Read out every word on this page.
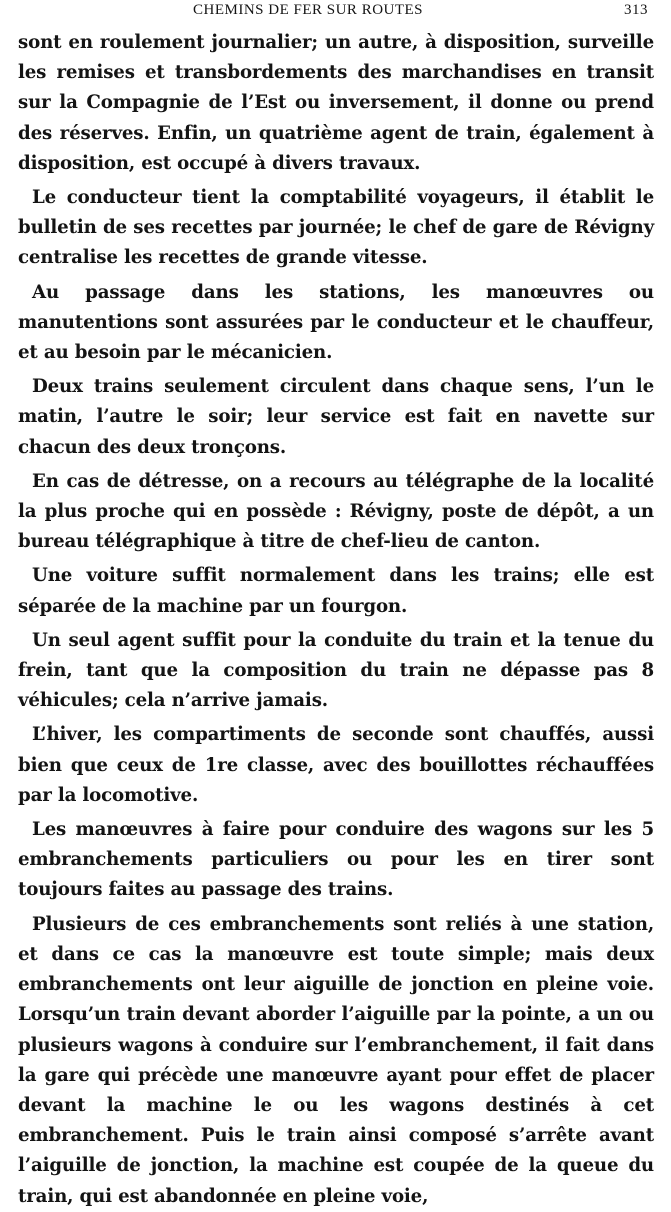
CHEMINS DE FER SUR ROUTES	313

sont en roulement journalier; un autre, à disposition, surveille les remises et transbordements des marchandises en transit sur la Compagnie de l’Est ou inversement, il donne ou prend des réserves. Enfin, un quatrième agent de train, également à disposition, est occupé à divers travaux.

Le conducteur tient la comptabilité voyageurs, il établit le bulletin de ses recettes par journée; le chef de gare de Révigny centralise les recettes de grande vitesse.

Au passage dans les stations, les manœuvres ou manutentions sont assurées par le conducteur et le chauffeur, et au besoin par le mécanicien.

Deux trains seulement circulent dans chaque sens, l’un le matin, l’autre le soir; leur service est fait en navette sur chacun des deux tronçons.

En cas de détresse, on a recours au télégraphe de la localité la plus proche qui en possède : Révigny, poste de dépôt, a un bureau télégraphique à titre de chef-lieu de canton.

Une voiture suffit normalement dans les trains; elle est séparée de la machine par un fourgon.

Un seul agent suffit pour la conduite du train et la tenue du frein, tant que la composition du train ne dépasse pas 8 véhicules; cela n’arrive jamais.

L’hiver, les compartiments de seconde sont chauffés, aussi bien que ceux de 1re classe, avec des bouillottes réchauffées par la locomotive.

Les manœuvres à faire pour conduire des wagons sur les 5 embranchements particuliers ou pour les en tirer sont toujours faites au passage des trains.

Plusieurs de ces embranchements sont reliés à une station, et dans ce cas la manœuvre est toute simple; mais deux embranchements ont leur aiguille de jonction en pleine voie. Lorsqu’un train devant aborder l’aiguille par la pointe, a un ou plusieurs wagons à conduire sur l’embranchement, il fait dans la gare qui précède une manœuvre ayant pour effet de placer devant la machine le ou les wagons destinés à cet embranchement. Puis le train ainsi composé s’arrête avant l’aiguille de jonction, la machine est coupée de la queue du train, qui est abandonnée en pleine voie,
